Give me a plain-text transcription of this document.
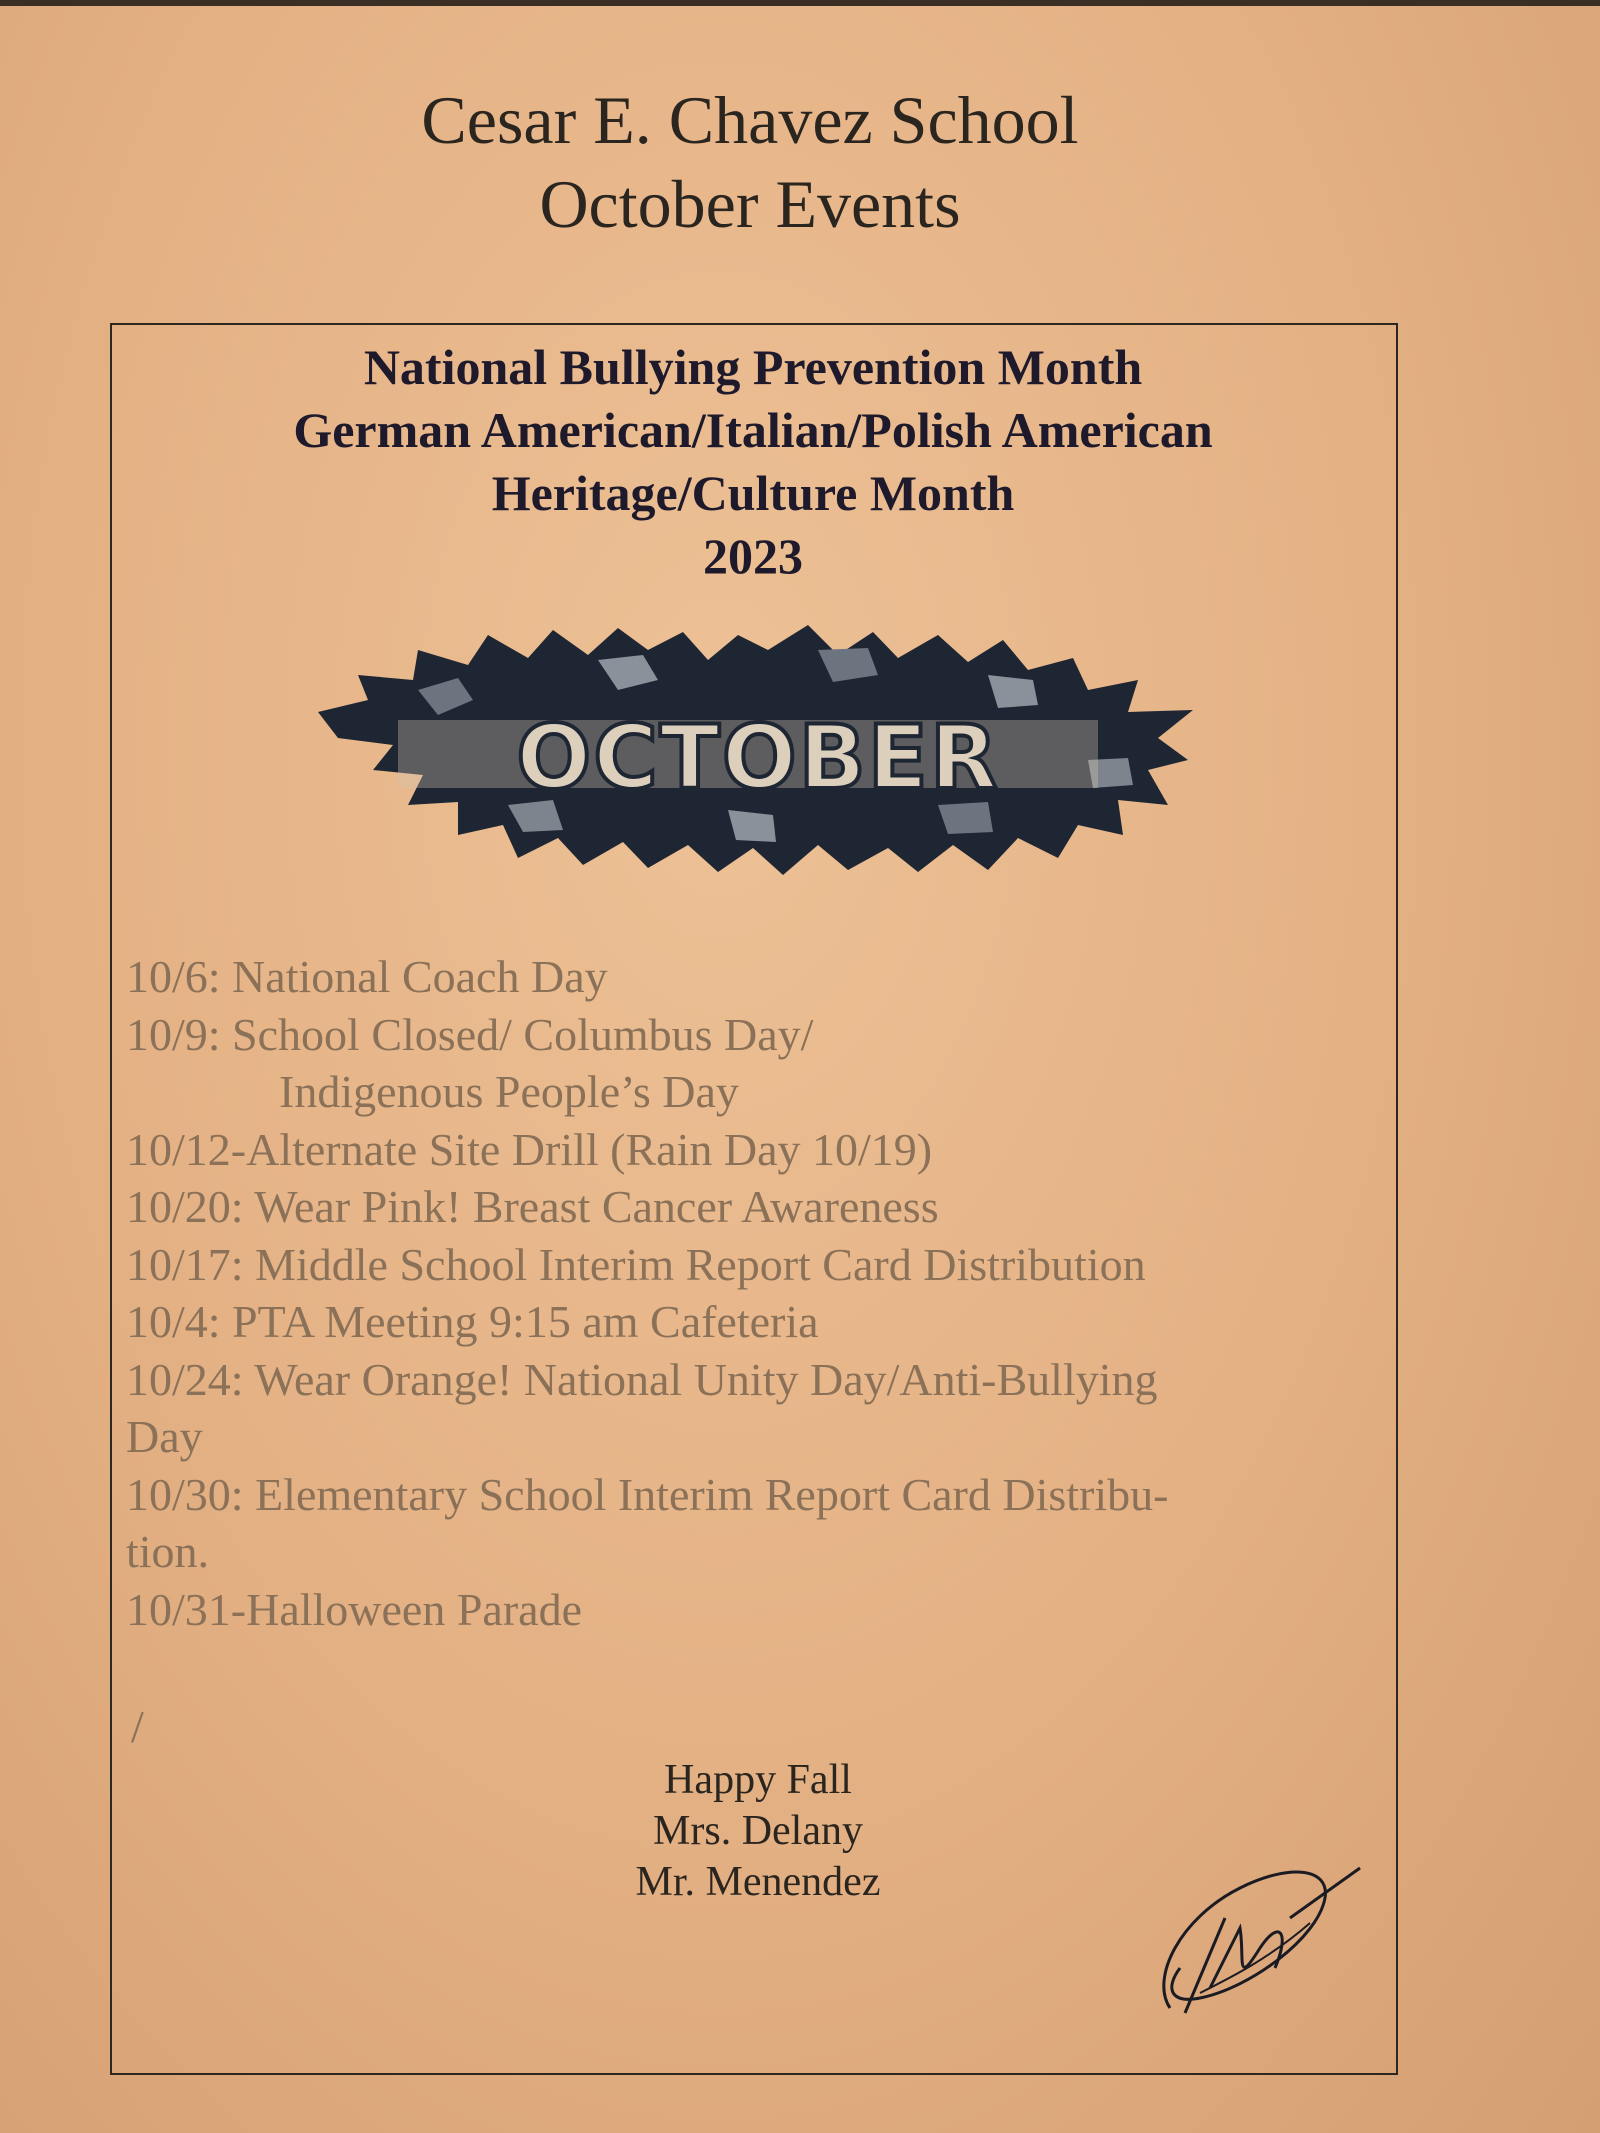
Cesar E. Chavez School
October Events
National Bullying Prevention Month
German American/Italian/Polish American
Heritage/Culture Month
2023
OCTOBER
10/6: National Coach Day
10/9: School Closed/ Columbus Day/
Indigenous People’s Day
10/12-Alternate Site Drill (Rain Day 10/19)
10/20: Wear Pink! Breast Cancer Awareness
10/17: Middle School Interim Report Card Distribution
10/4: PTA Meeting 9:15 am Cafeteria
10/24: Wear Orange! National Unity Day/Anti-Bullying
Day
10/30: Elementary School Interim Report Card Distribu-
tion.
10/31-Halloween Parade
/
Happy Fall
Mrs. Delany
Mr. Menendez
